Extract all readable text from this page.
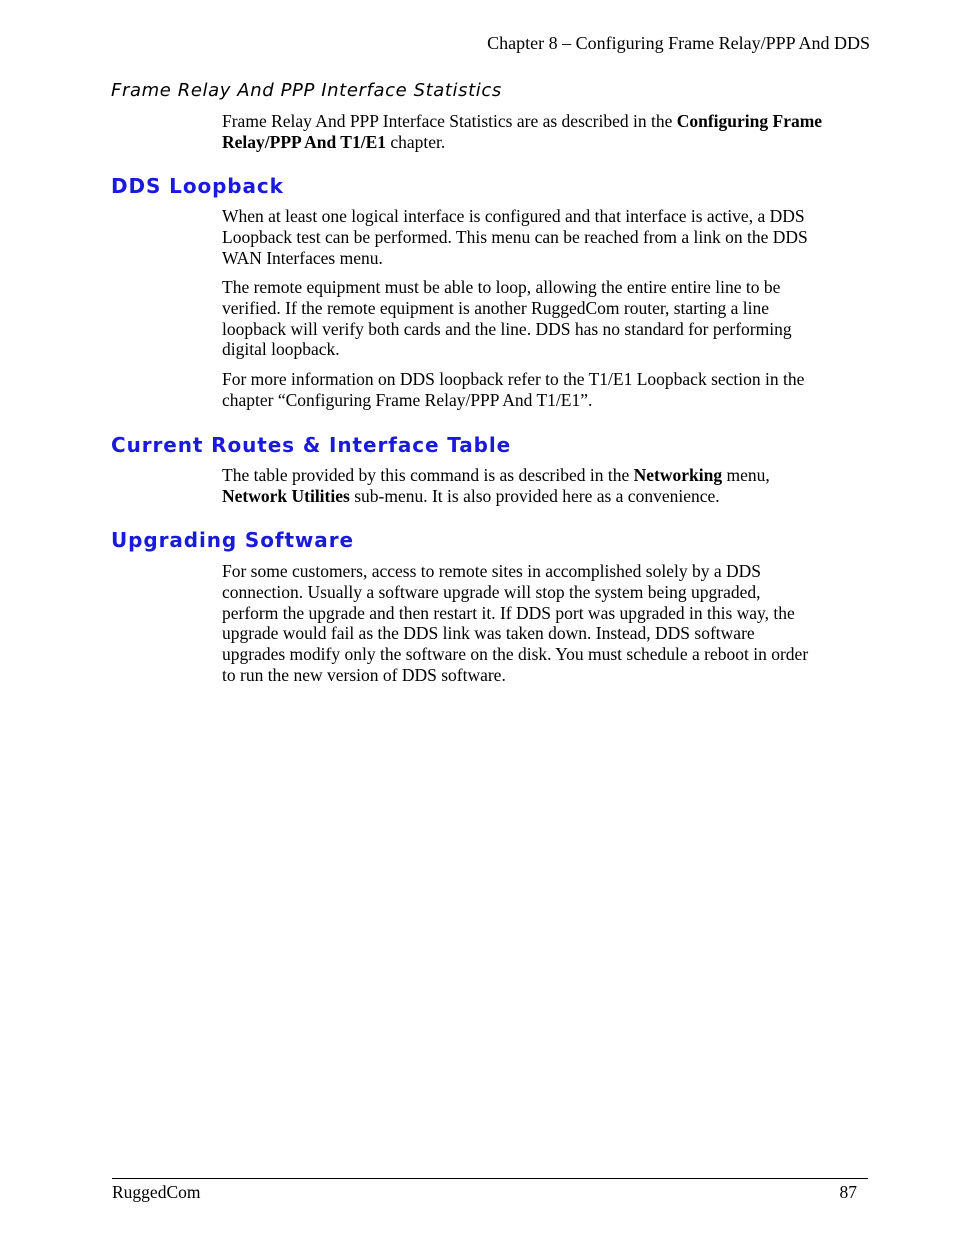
Chapter 8 – Configuring Frame Relay/PPP And DDS
Frame Relay And PPP Interface Statistics

Frame Relay And PPP Interface Statistics are as described in the Configuring Frame
Relay/PPP And T1/E1 chapter.

DDS Loopback

When at least one logical interface is configured and that interface is active, a DDS
Loopback test can be performed. This menu can be reached from a link on the DDS
WAN Interfaces menu.

The remote equipment must be able to loop, allowing the entire entire line to be
verified. If the remote equipment is another RuggedCom router, starting a line
loopback will verify both cards and the line. DDS has no standard for performing
digital loopback.

For more information on DDS loopback refer to the T1/E1 Loopback section in the
chapter “Configuring Frame Relay/PPP And T1/E1”.

Current Routes & Interface Table

The table provided by this command is as described in the Networking menu,
Network Utilities sub-menu. It is also provided here as a convenience.

Upgrading Software

For some customers, access to remote sites in accomplished solely by a DDS
connection. Usually a software upgrade will stop the system being upgraded,
perform the upgrade and then restart it. If DDS port was upgraded in this way, the
upgrade would fail as the DDS link was taken down. Instead, DDS software
upgrades modify only the software on the disk. You must schedule a reboot in order
to run the new version of DDS software.

RuggedCom	87
